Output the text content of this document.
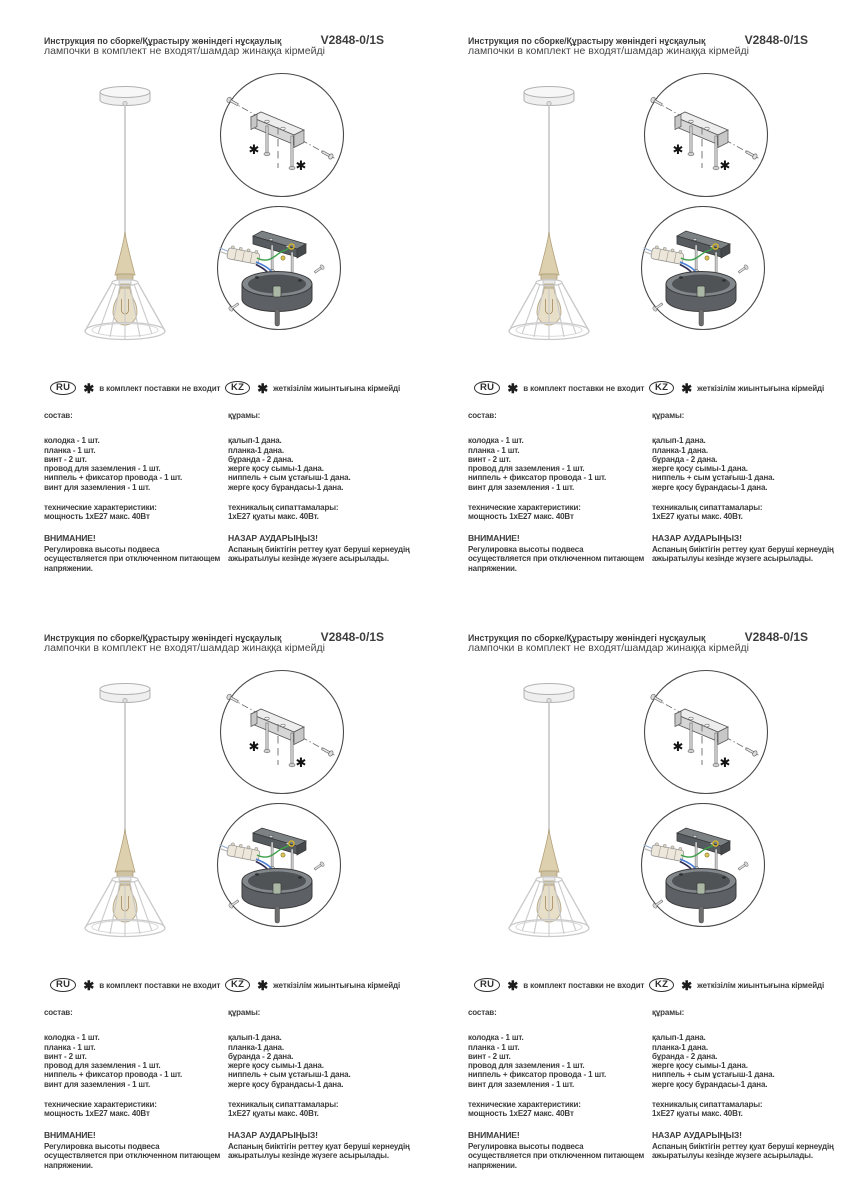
Инструкция по сборке/Құрастыру жөніндегі нұсқаулық	V2848-0/1S
лампочки в комплект не входят/шамдар жинаққа кірмейді
✱
✱
RU	✱ в комплект поставки не входит	KZ	✱ жеткізілім жиынтығына кірмейді
состав:
колодка - 1 шт.
планка - 1 шт.
винт - 2 шт.
провод для заземления - 1 шт.
ниппель + фиксатор провода - 1 шт.
винт для заземления - 1 шт.
технические характеристики:
мощность 1хЕ27 макс. 40Вт
ВНИМАНИЕ!
Регулировка высоты подвеса осуществляется при отключенном питающем напряжении.
құрамы:
қалып-1 дана.
планка-1 дана.
бұранда - 2 дана.
жерге қосу сымы-1 дана.
ниппель + сым ұстағыш-1 дана.
жерге қосу бұрандасы-1 дана.
техникалық сипаттамалары:
1хЕ27 қуаты макс. 40Вт.
НАЗАР АУДАРЫҢЫЗ!
Аспаның биіктігін реттеу қуат беруші кернеудің ажыратылуы кезінде жүзеге асырылады.
Инструкция по сборке/Құрастыру жөніндегі нұсқаулық	V2848-0/1S
лампочки в комплект не входят/шамдар жинаққа кірмейді
✱
✱
RU	✱ в комплект поставки не входит	KZ	✱ жеткізілім жиынтығына кірмейді
состав:
колодка - 1 шт.
планка - 1 шт.
винт - 2 шт.
провод для заземления - 1 шт.
ниппель + фиксатор провода - 1 шт.
винт для заземления - 1 шт.
технические характеристики:
мощность 1хЕ27 макс. 40Вт
ВНИМАНИЕ!
Регулировка высоты подвеса осуществляется при отключенном питающем напряжении.
құрамы:
қалып-1 дана.
планка-1 дана.
бұранда - 2 дана.
жерге қосу сымы-1 дана.
ниппель + сым ұстағыш-1 дана.
жерге қосу бұрандасы-1 дана.
техникалық сипаттамалары:
1хЕ27 қуаты макс. 40Вт.
НАЗАР АУДАРЫҢЫЗ!
Аспаның биіктігін реттеу қуат беруші кернеудің ажыратылуы кезінде жүзеге асырылады.
Инструкция по сборке/Құрастыру жөніндегі нұсқаулық	V2848-0/1S
лампочки в комплект не входят/шамдар жинаққа кірмейді
✱
✱
RU	✱ в комплект поставки не входит	KZ	✱ жеткізілім жиынтығына кірмейді
состав:
колодка - 1 шт.
планка - 1 шт.
винт - 2 шт.
провод для заземления - 1 шт.
ниппель + фиксатор провода - 1 шт.
винт для заземления - 1 шт.
технические характеристики:
мощность 1хЕ27 макс. 40Вт
ВНИМАНИЕ!
Регулировка высоты подвеса осуществляется при отключенном питающем напряжении.
құрамы:
қалып-1 дана.
планка-1 дана.
бұранда - 2 дана.
жерге қосу сымы-1 дана.
ниппель + сым ұстағыш-1 дана.
жерге қосу бұрандасы-1 дана.
техникалық сипаттамалары:
1хЕ27 қуаты макс. 40Вт.
НАЗАР АУДАРЫҢЫЗ!
Аспаның биіктігін реттеу қуат беруші кернеудің ажыратылуы кезінде жүзеге асырылады.
Инструкция по сборке/Құрастыру жөніндегі нұсқаулық	V2848-0/1S
лампочки в комплект не входят/шамдар жинаққа кірмейді
✱
✱
RU	✱ в комплект поставки не входит	KZ	✱ жеткізілім жиынтығына кірмейді
состав:
колодка - 1 шт.
планка - 1 шт.
винт - 2 шт.
провод для заземления - 1 шт.
ниппель + фиксатор провода - 1 шт.
винт для заземления - 1 шт.
технические характеристики:
мощность 1хЕ27 макс. 40Вт
ВНИМАНИЕ!
Регулировка высоты подвеса осуществляется при отключенном питающем напряжении.
құрамы:
қалып-1 дана.
планка-1 дана.
бұранда - 2 дана.
жерге қосу сымы-1 дана.
ниппель + сым ұстағыш-1 дана.
жерге қосу бұрандасы-1 дана.
техникалық сипаттамалары:
1хЕ27 қуаты макс. 40Вт.
НАЗАР АУДАРЫҢЫЗ!
Аспаның биіктігін реттеу қуат беруші кернеудің ажыратылуы кезінде жүзеге асырылады.
